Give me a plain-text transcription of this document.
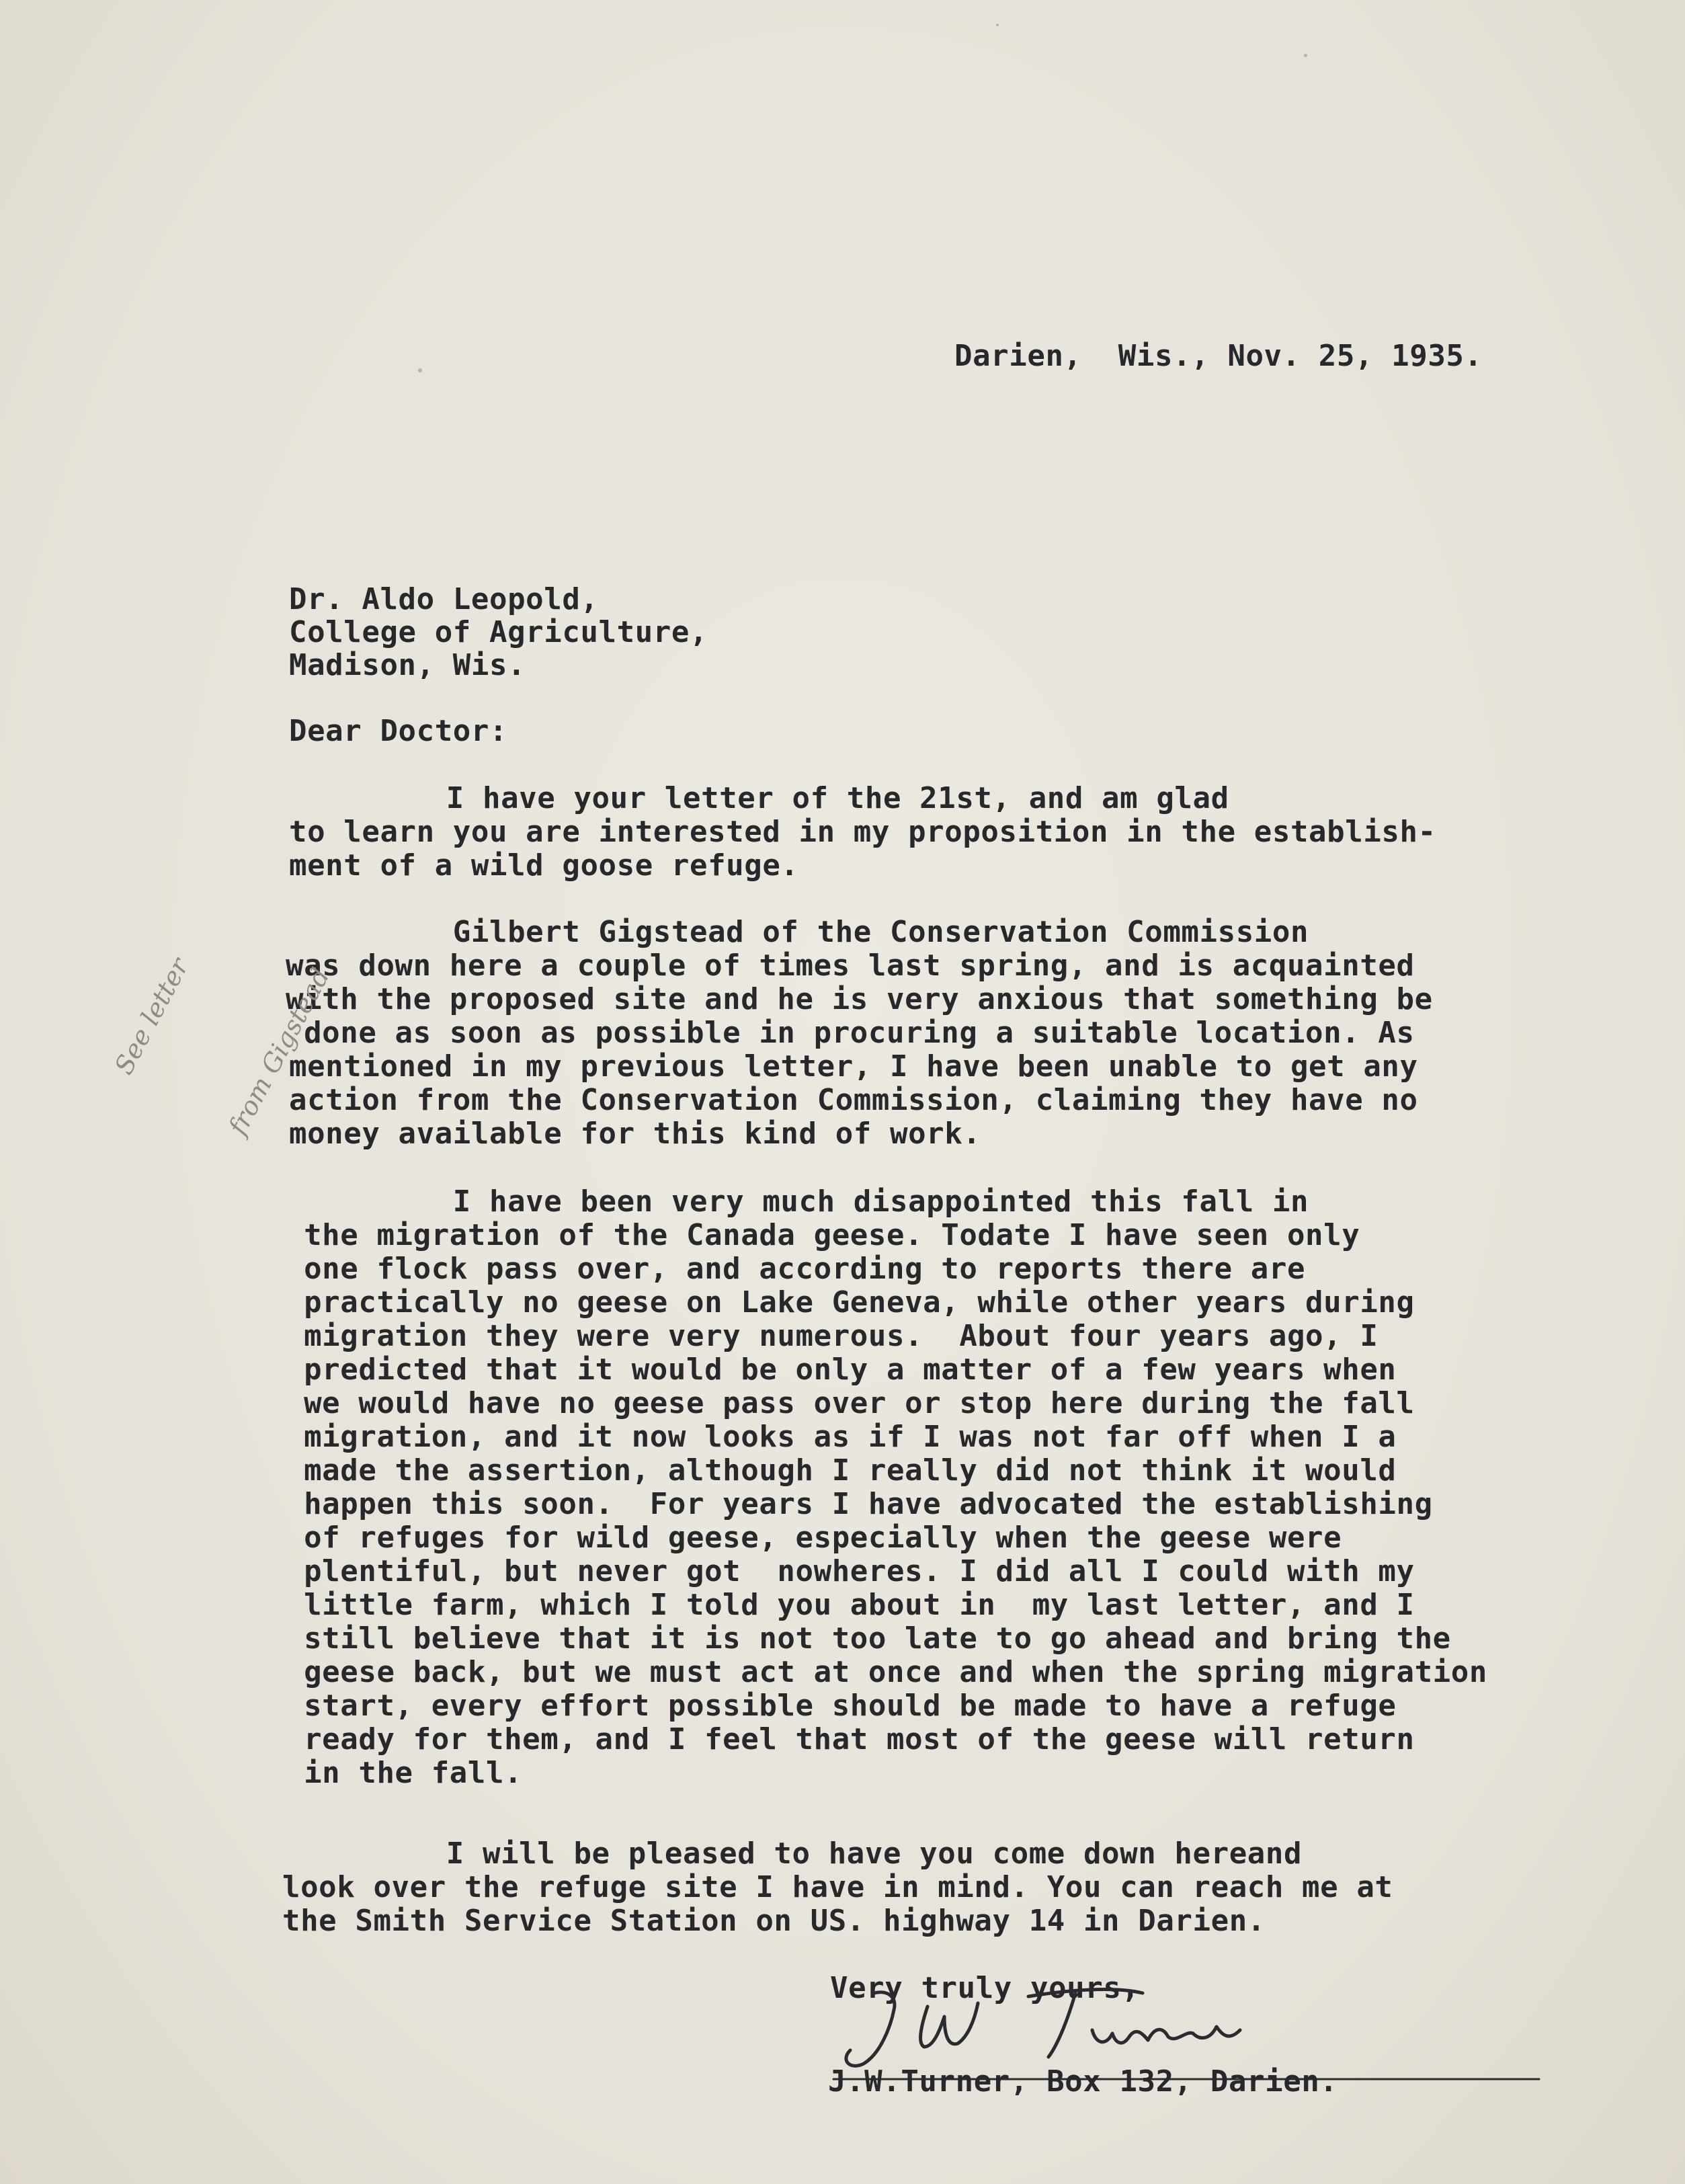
Darien,  Wis., Nov. 25, 1935.

Dr. Aldo Leopold,

College of Agriculture,

Madison, Wis.

Dear Doctor:

I have your letter of the 21st, and am glad

to learn you are interested in my proposition in the establish-

ment of a wild goose refuge.

Gilbert Gigstead of the Conservation Commission

was down here a couple of times last spring, and is acquainted

with the proposed site and he is very anxious that something be

done as soon as possible in procuring a suitable location. As

mentioned in my previous letter, I have been unable to get any

action from the Conservation Commission, claiming they have no

money available for this kind of work.

I have been very much disappointed this fall in

the migration of the Canada geese. Todate I have seen only

one flock pass over, and according to reports there are

practically no geese on Lake Geneva, while other years during

migration they were very numerous.  About four years ago, I

predicted that it would be only a matter of a few years when

we would have no geese pass over or stop here during the fall

migration, and it now looks as if I was not far off when I a

made the assertion, although I really did not think it would

happen this soon.  For years I have advocated the establishing

of refuges for wild geese, especially when the geese were

plentiful, but never got  nowheres. I did all I could with my

little farm, which I told you about in  my last letter, and I

still believe that it is not too late to go ahead and bring the

geese back, but we must act at once and when the spring migration

start, every effort possible should be made to have a refuge

ready for them, and I feel that most of the geese will return

in the fall.

I will be pleased to have you come down hereand

look over the refuge site I have in mind. You can reach me at

the Smith Service Station on US. highway 14 in Darien.

Very truly yours,

J.W.Turner, Box 132, Darien.

See letter

	from Gigstead
